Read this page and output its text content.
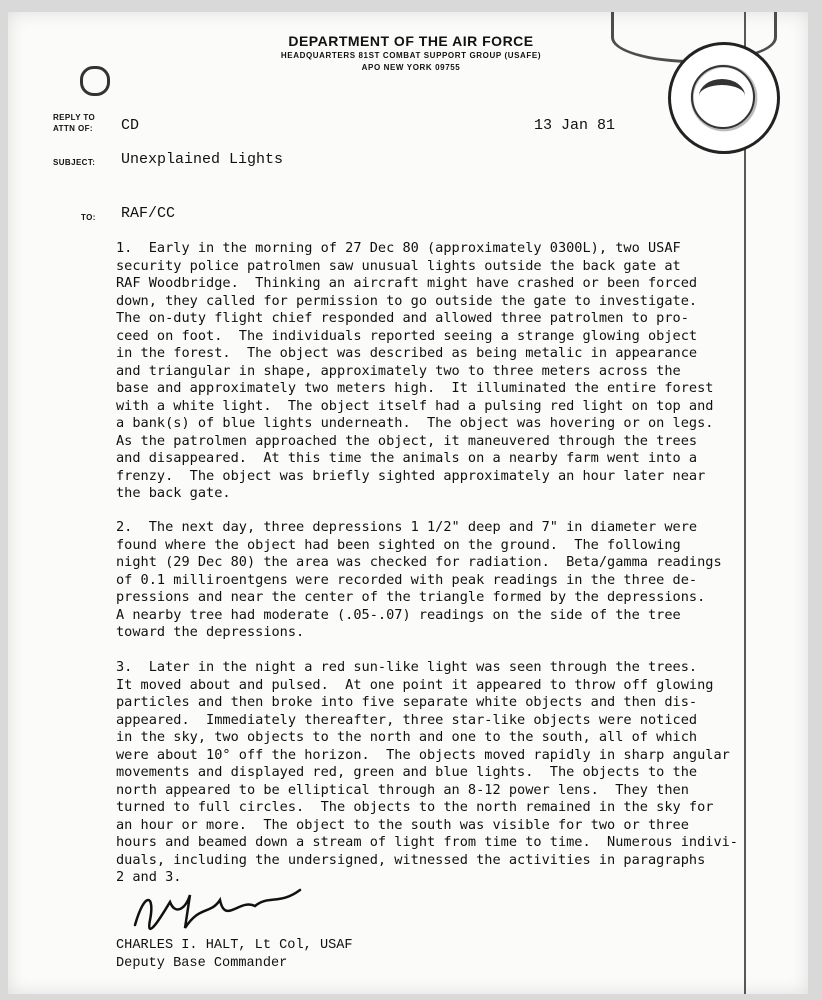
DEPARTMENT OF THE AIR FORCE
HEADQUARTERS 81ST COMBAT SUPPORT GROUP (USAFE)
APO NEW YORK 09755
REPLY TO
ATTN OF: CD	13 Jan 81
SUBJECT: Unexplained Lights
TO: RAF/CC
1.  Early in the morning of 27 Dec 80 (approximately 0300L), two USAF
security police patrolmen saw unusual lights outside the back gate at
RAF Woodbridge.  Thinking an aircraft might have crashed or been forced
down, they called for permission to go outside the gate to investigate.
The on-duty flight chief responded and allowed three patrolmen to pro-
ceed on foot.  The individuals reported seeing a strange glowing object
in the forest.  The object was described as being metalic in appearance
and triangular in shape, approximately two to three meters across the
base and approximately two meters high.  It illuminated the entire forest
with a white light.  The object itself had a pulsing red light on top and
a bank(s) of blue lights underneath.  The object was hovering or on legs.
As the patrolmen approached the object, it maneuvered through the trees
and disappeared.  At this time the animals on a nearby farm went into a
frenzy.  The object was briefly sighted approximately an hour later near
the back gate.
2.  The next day, three depressions 1 1/2" deep and 7" in diameter were
found where the object had been sighted on the ground.  The following
night (29 Dec 80) the area was checked for radiation.  Beta/gamma readings
of 0.1 milliroentgens were recorded with peak readings in the three de-
pressions and near the center of the triangle formed by the depressions.
A nearby tree had moderate (.05-.07) readings on the side of the tree
toward the depressions.
3.  Later in the night a red sun-like light was seen through the trees.
It moved about and pulsed.  At one point it appeared to throw off glowing
particles and then broke into five separate white objects and then dis-
appeared.  Immediately thereafter, three star-like objects were noticed
in the sky, two objects to the north and one to the south, all of which
were about 10° off the horizon.  The objects moved rapidly in sharp angular
movements and displayed red, green and blue lights.  The objects to the
north appeared to be elliptical through an 8-12 power lens.  They then
turned to full circles.  The objects to the north remained in the sky for
an hour or more.  The object to the south was visible for two or three
hours and beamed down a stream of light from time to time.  Numerous indivi-
duals, including the undersigned, witnessed the activities in paragraphs
2 and 3.
CHARLES I. HALT, Lt Col, USAF
Deputy Base Commander
